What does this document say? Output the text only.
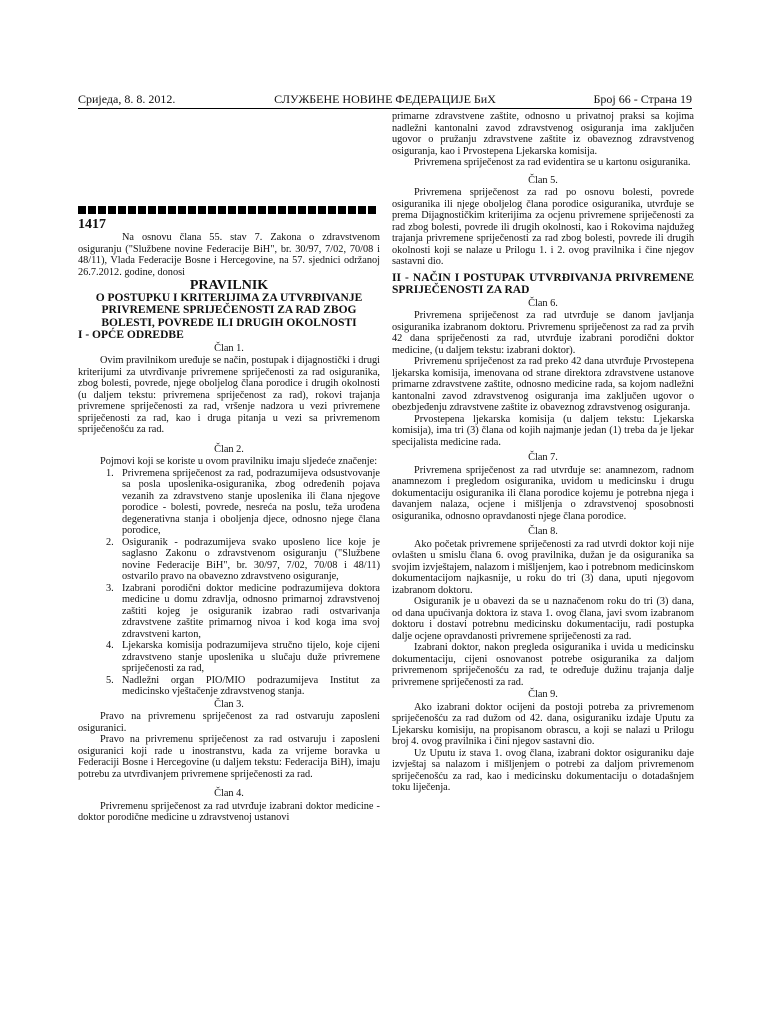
Сриједа, 8. 8. 2012.	СЛУЖБЕНЕ НОВИНЕ ФЕДЕРАЦИЈЕ БиХ	Број 66 - Страна 19
1417

Na osnovu člana 55. stav 7. Zakona o zdravstvenom osiguranju ("Službene novine Federacije BiH", br. 30/97, 7/02, 70/08 i 48/11), Vlada Federacije Bosne i Hercegovine, na 57. sjednici održanoj 26.7.2012. godine, donosi

PRAVILNIK
O POSTUPKU I KRITERIJIMA ZA UTVRĐIVANJE PRIVREMENE SPRIJEČENOSTI ZA RAD ZBOG BOLESTI, POVREDE ILI DRUGIH OKOLNOSTI
I - OPĆE ODREDBE
Član 1.

Ovim pravilnikom uređuje se način, postupak i dijagnostički i drugi kriterijumi za utvrđivanje privremene spriječenosti za rad osiguranika, zbog bolesti, povrede, njege oboljelog člana porodice i drugih okolnosti (u daljem tekstu: privremena spriječenost za rad), rokovi trajanja privremene spriječenosti za rad, vršenje nadzora u vezi privremene spriječenosti za rad, kao i druga pitanja u vezi sa privremenom spriječenošću za rad.

Član 2.

Pojmovi koji se koriste u ovom pravilniku imaju sljedeće značenje:

1. Privremena spriječenost za rad, podrazumijeva odsustvovanje sa posla uposlenika-osiguranika, zbog određenih pojava vezanih za zdravstveno stanje uposlenika ili člana njegove porodice - bolesti, povrede, nesreća na poslu, teža urođena degenerativna stanja i oboljenja djece, odnosno njege člana porodice,
2. Osiguranik - podrazumijeva svako uposleno lice koje je saglasno Zakonu o zdravstvenom osiguranju ("Službene novine Federacije BiH", br. 30/97, 7/02, 70/08 i 48/11) ostvarilo pravo na obavezno zdravstveno osiguranje,
3. Izabrani porodični doktor medicine podrazumijeva doktora medicine u domu zdravlja, odnosno primarnoj zdravstvenoj zaštiti kojeg je osiguranik izabrao radi ostvarivanja zdravstvene zaštite primarnog nivoa i kod koga ima svoj zdravstveni karton,
4. Ljekarska komisija podrazumijeva stručno tijelo, koje cijeni zdravstveno stanje uposlenika u slučaju duže privremene spriječenosti za rad,
5. Nadležni organ PIO/MIO podrazumijeva Institut za medicinsko vještačenje zdravstvenog stanja.
Član 3.

Pravo na privremenu spriječenost za rad ostvaruju zaposleni osiguranici.

Pravo na privremenu spriječenost za rad ostvaruju i zaposleni osiguranici koji rade u inostranstvu, kada za vrijeme boravka u Federaciji Bosne i Hercegovine (u daljem tekstu: Federacija BiH), imaju potrebu za utvrđivanjem privremene spriječenosti za rad.

Član 4.

Privremenu spriječenost za rad utvrđuje izabrani doktor medicine - doktor porodične medicine u zdravstvenoj ustanovi

primarne zdravstvene zaštite, odnosno u privatnoj praksi sa kojima nadležni kantonalni zavod zdravstvenog osiguranja ima zaključen ugovor o pružanju zdravstvene zaštite iz obaveznog zdravstvenog osiguranja, kao i Prvostepena Ljekarska komisija.

Privremena spriječenost za rad evidentira se u kartonu osiguranika.

Član 5.

Privremena spriječenost za rad po osnovu bolesti, povrede osiguranika ili njege oboljelog člana porodice osiguranika, utvrđuje se prema Dijagnostičkim kriterijima za ocjenu privremene spriječenosti za rad zbog bolesti, povrede ili drugih okolnosti, kao i Rokovima najdužeg trajanja privremene spriječenosti za rad zbog bolesti, povrede ili drugih okolnosti koji se nalaze u Prilogu 1. i 2. ovog pravilnika i čine njegov sastavni dio.

II - NAČIN I POSTUPAK UTVRĐIVANJA PRIVREMENE SPRIJEČENOSTI ZA RAD
Član 6.

Privremena spriječenost za rad utvrđuje se danom javljanja osiguranika izabranom doktoru. Privremenu spriječenost za rad za prvih 42 dana spriječenosti za rad, utvrđuje izabrani porodični doktor medicine, (u daljem tekstu: izabrani doktor).

Privremenu spriječenost za rad preko 42 dana utvrđuje Prvostepena ljekarska komisija, imenovana od strane direktora zdravstvene ustanove primarne zdravstvene zaštite, odnosno medicine rada, sa kojom nadležni kantonalni zavod zdravstvenog osiguranja ima zaključen ugovor o obezbjeđenju zdravstvene zaštite iz obaveznog zdravstvenog osiguranja.

Prvostepena ljekarska komisija (u daljem tekstu: Ljekarska komisija), ima tri (3) člana od kojih najmanje jedan (1) treba da je ljekar specijalista medicine rada.

Član 7.

Privremena spriječenost za rad utvrđuje se: anamnezom, radnom anamnezom i pregledom osiguranika, uvidom u medicinsku i drugu dokumentaciju osiguranika ili člana porodice kojemu je potrebna njega i davanjem nalaza, ocjene i mišljenja o zdravstvenoj sposobnosti osiguranika, odnosno opravdanosti njege člana porodice.

Član 8.

Ako početak privremene spriječenosti za rad utvrdi doktor koji nije ovlašten u smislu člana 6. ovog pravilnika, dužan je da osiguranika sa svojim izvještajem, nalazom i mišljenjem, kao i potrebnom medicinskom dokumentacijom najkasnije, u roku do tri (3) dana, uputi njegovom izabranom doktoru.

Osiguranik je u obavezi da se u naznačenom roku do tri (3) dana, od dana upućivanja doktora iz stava 1. ovog člana, javi svom izabranom doktoru i dostavi potrebnu medicinsku dokumentaciju, radi postupka dalje ocjene opravdanosti privremene spriječenosti za rad.

Izabrani doktor, nakon pregleda osiguranika i uvida u medicinsku dokumentaciju, cijeni osnovanost potrebe osiguranika za daljom privremenom spriječenošću za rad, te određuje dužinu trajanja dalje privremene spriječenosti za rad.

Član 9.

Ako izabrani doktor ocijeni da postoji potreba za privremenom spriječenošću za rad dužom od 42. dana, osiguraniku izdaje Uputu za Ljekarsku komisiju, na propisanom obrascu, a koji se nalazi u Prilogu broj 4. ovog pravilnika i čini njegov sastavni dio.

Uz Uputu iz stava 1. ovog člana, izabrani doktor osiguraniku daje izvještaj sa nalazom i mišljenjem o potrebi za daljom privremenom spriječenošću za rad, kao i medicinsku dokumentaciju o dotadašnjem toku liječenja.
